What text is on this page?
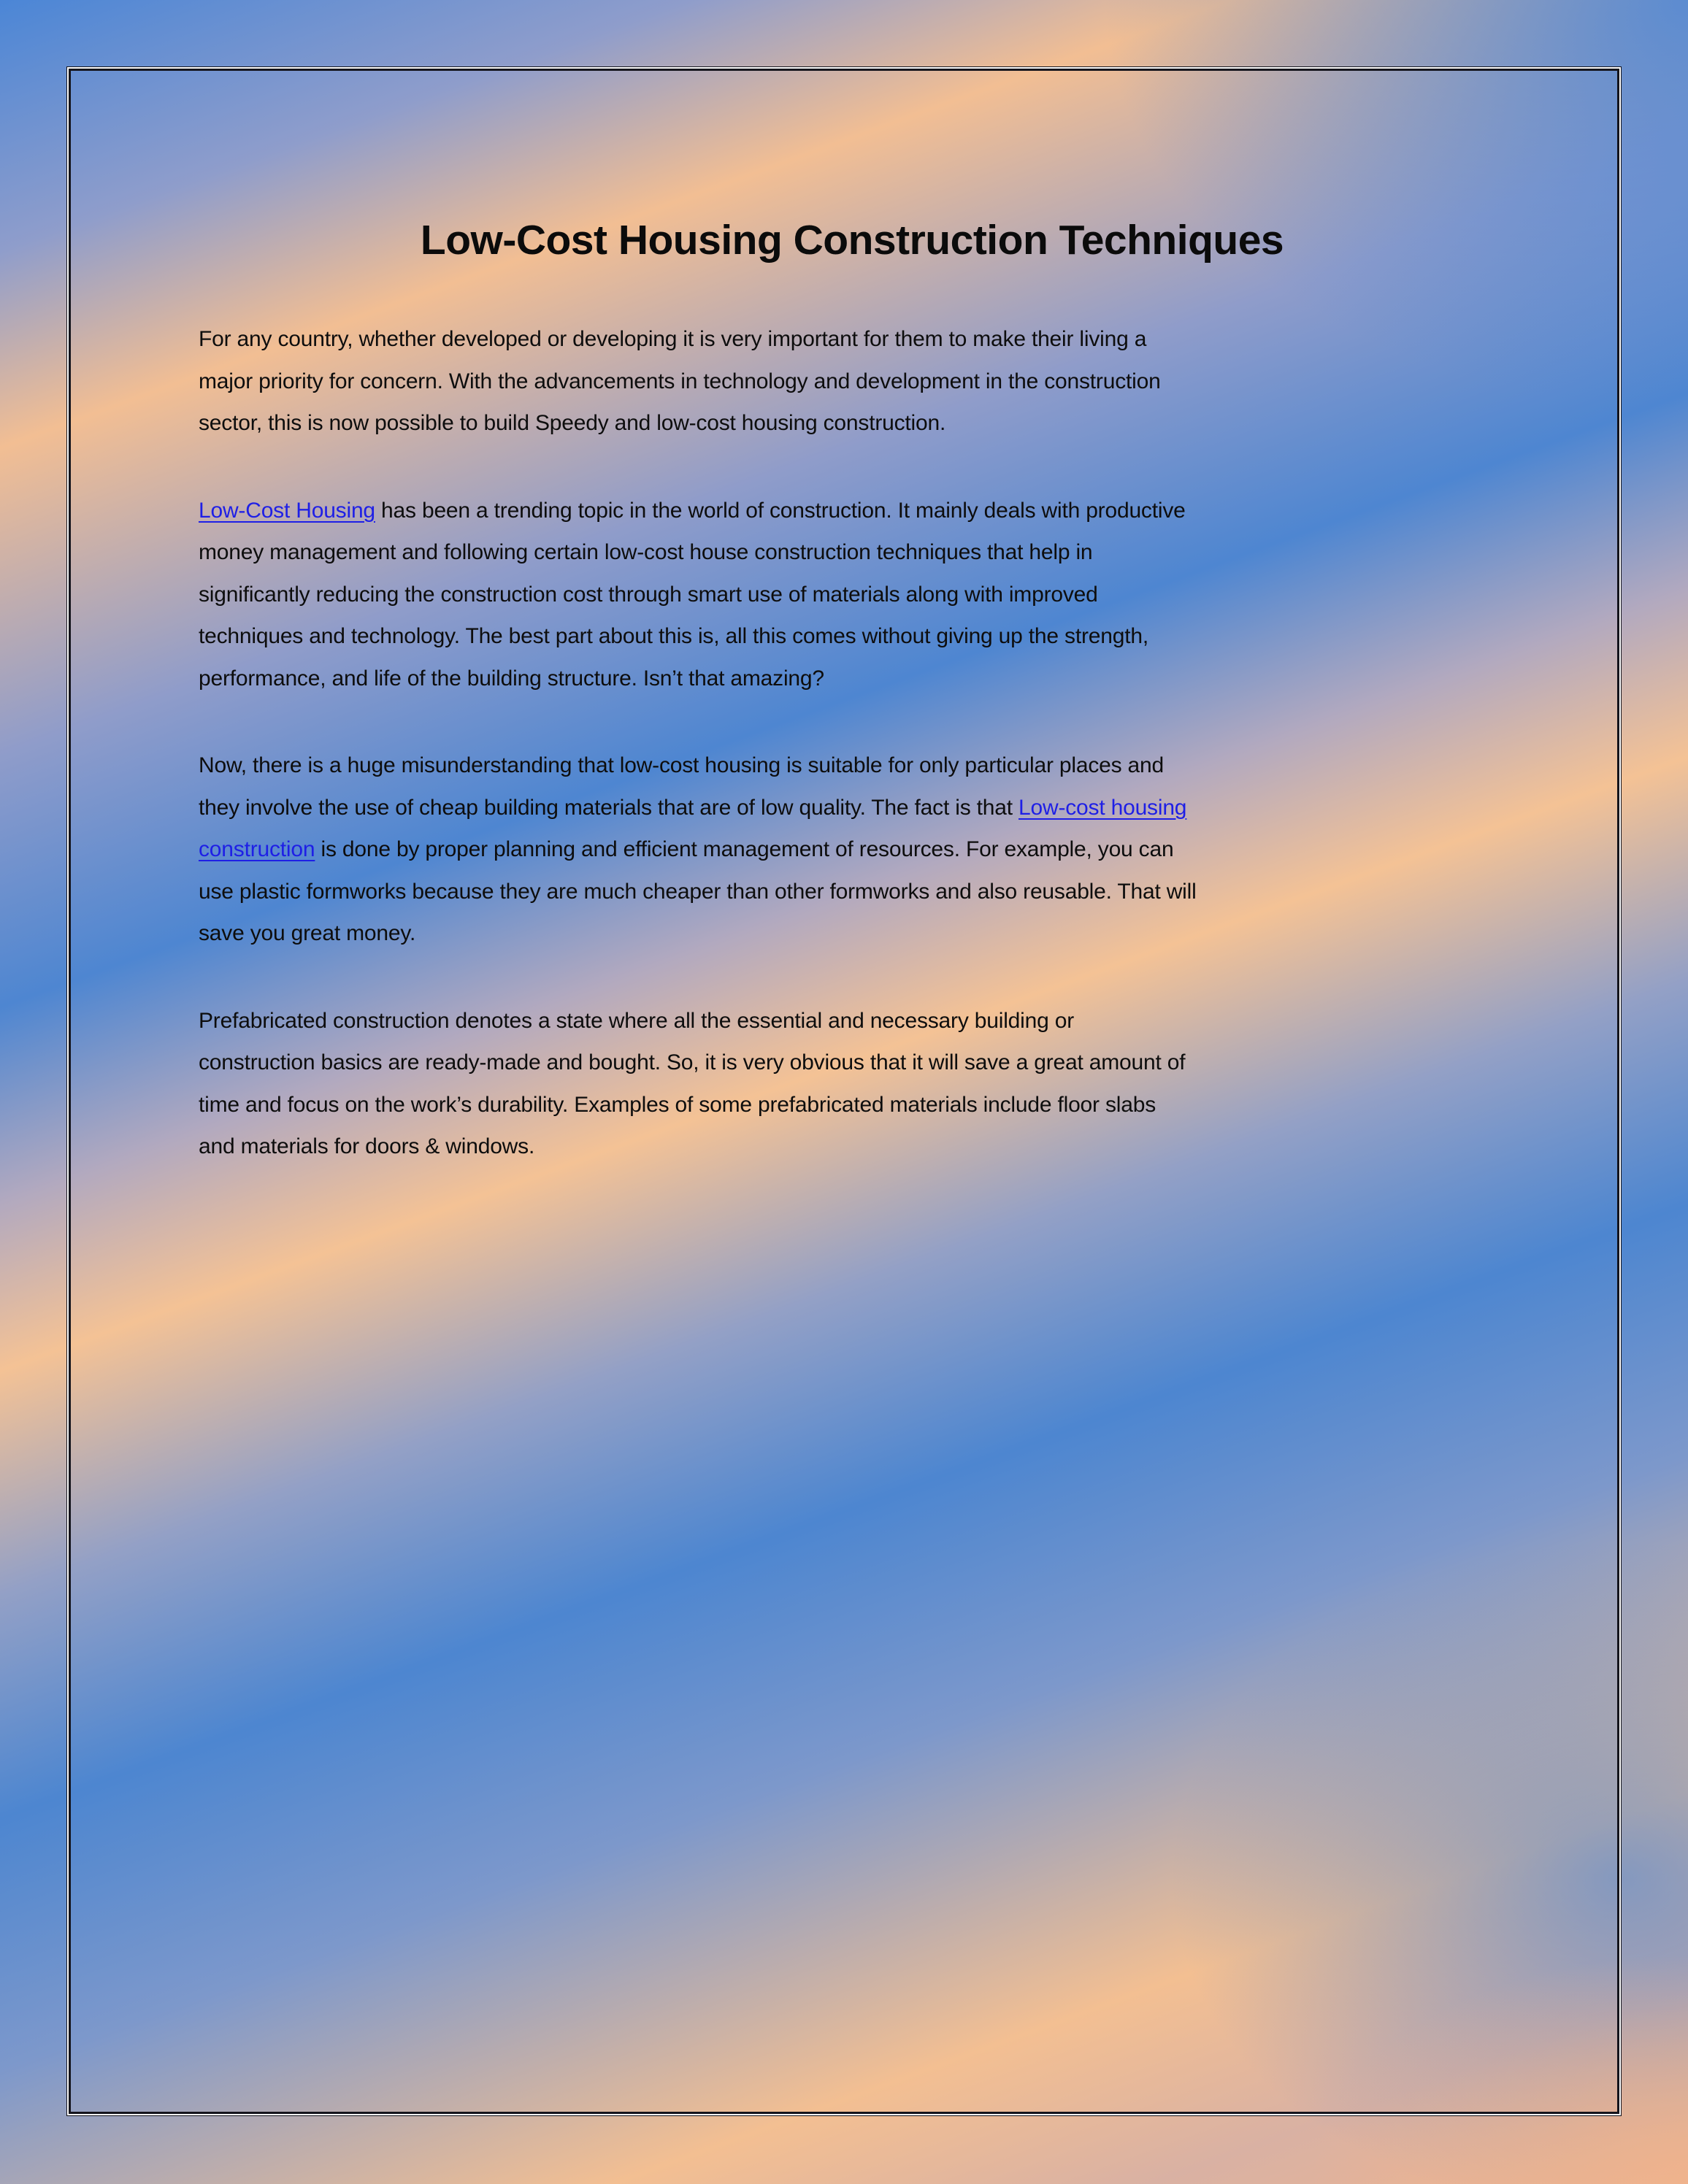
Low-Cost Housing Construction Techniques
For any country, whether developed or developing it is very important for them to make their living a
major priority for concern. With the advancements in technology and development in the construction
sector, this is now possible to build Speedy and low-cost housing construction.
Low-Cost Housing has been a trending topic in the world of construction. It mainly deals with productive
money management and following certain low-cost house construction techniques that help in
significantly reducing the construction cost through smart use of materials along with improved
techniques and technology. The best part about this is, all this comes without giving up the strength,
performance, and life of the building structure. Isn’t that amazing?
Now, there is a huge misunderstanding that low-cost housing is suitable for only particular places and
they involve the use of cheap building materials that are of low quality. The fact is that Low-cost housing
construction is done by proper planning and efficient management of resources. For example, you can
use plastic formworks because they are much cheaper than other formworks and also reusable. That will
save you great money.
Prefabricated construction denotes a state where all the essential and necessary building or
construction basics are ready-made and bought. So, it is very obvious that it will save a great amount of
time and focus on the work’s durability. Examples of some prefabricated materials include floor slabs
and materials for doors & windows.
